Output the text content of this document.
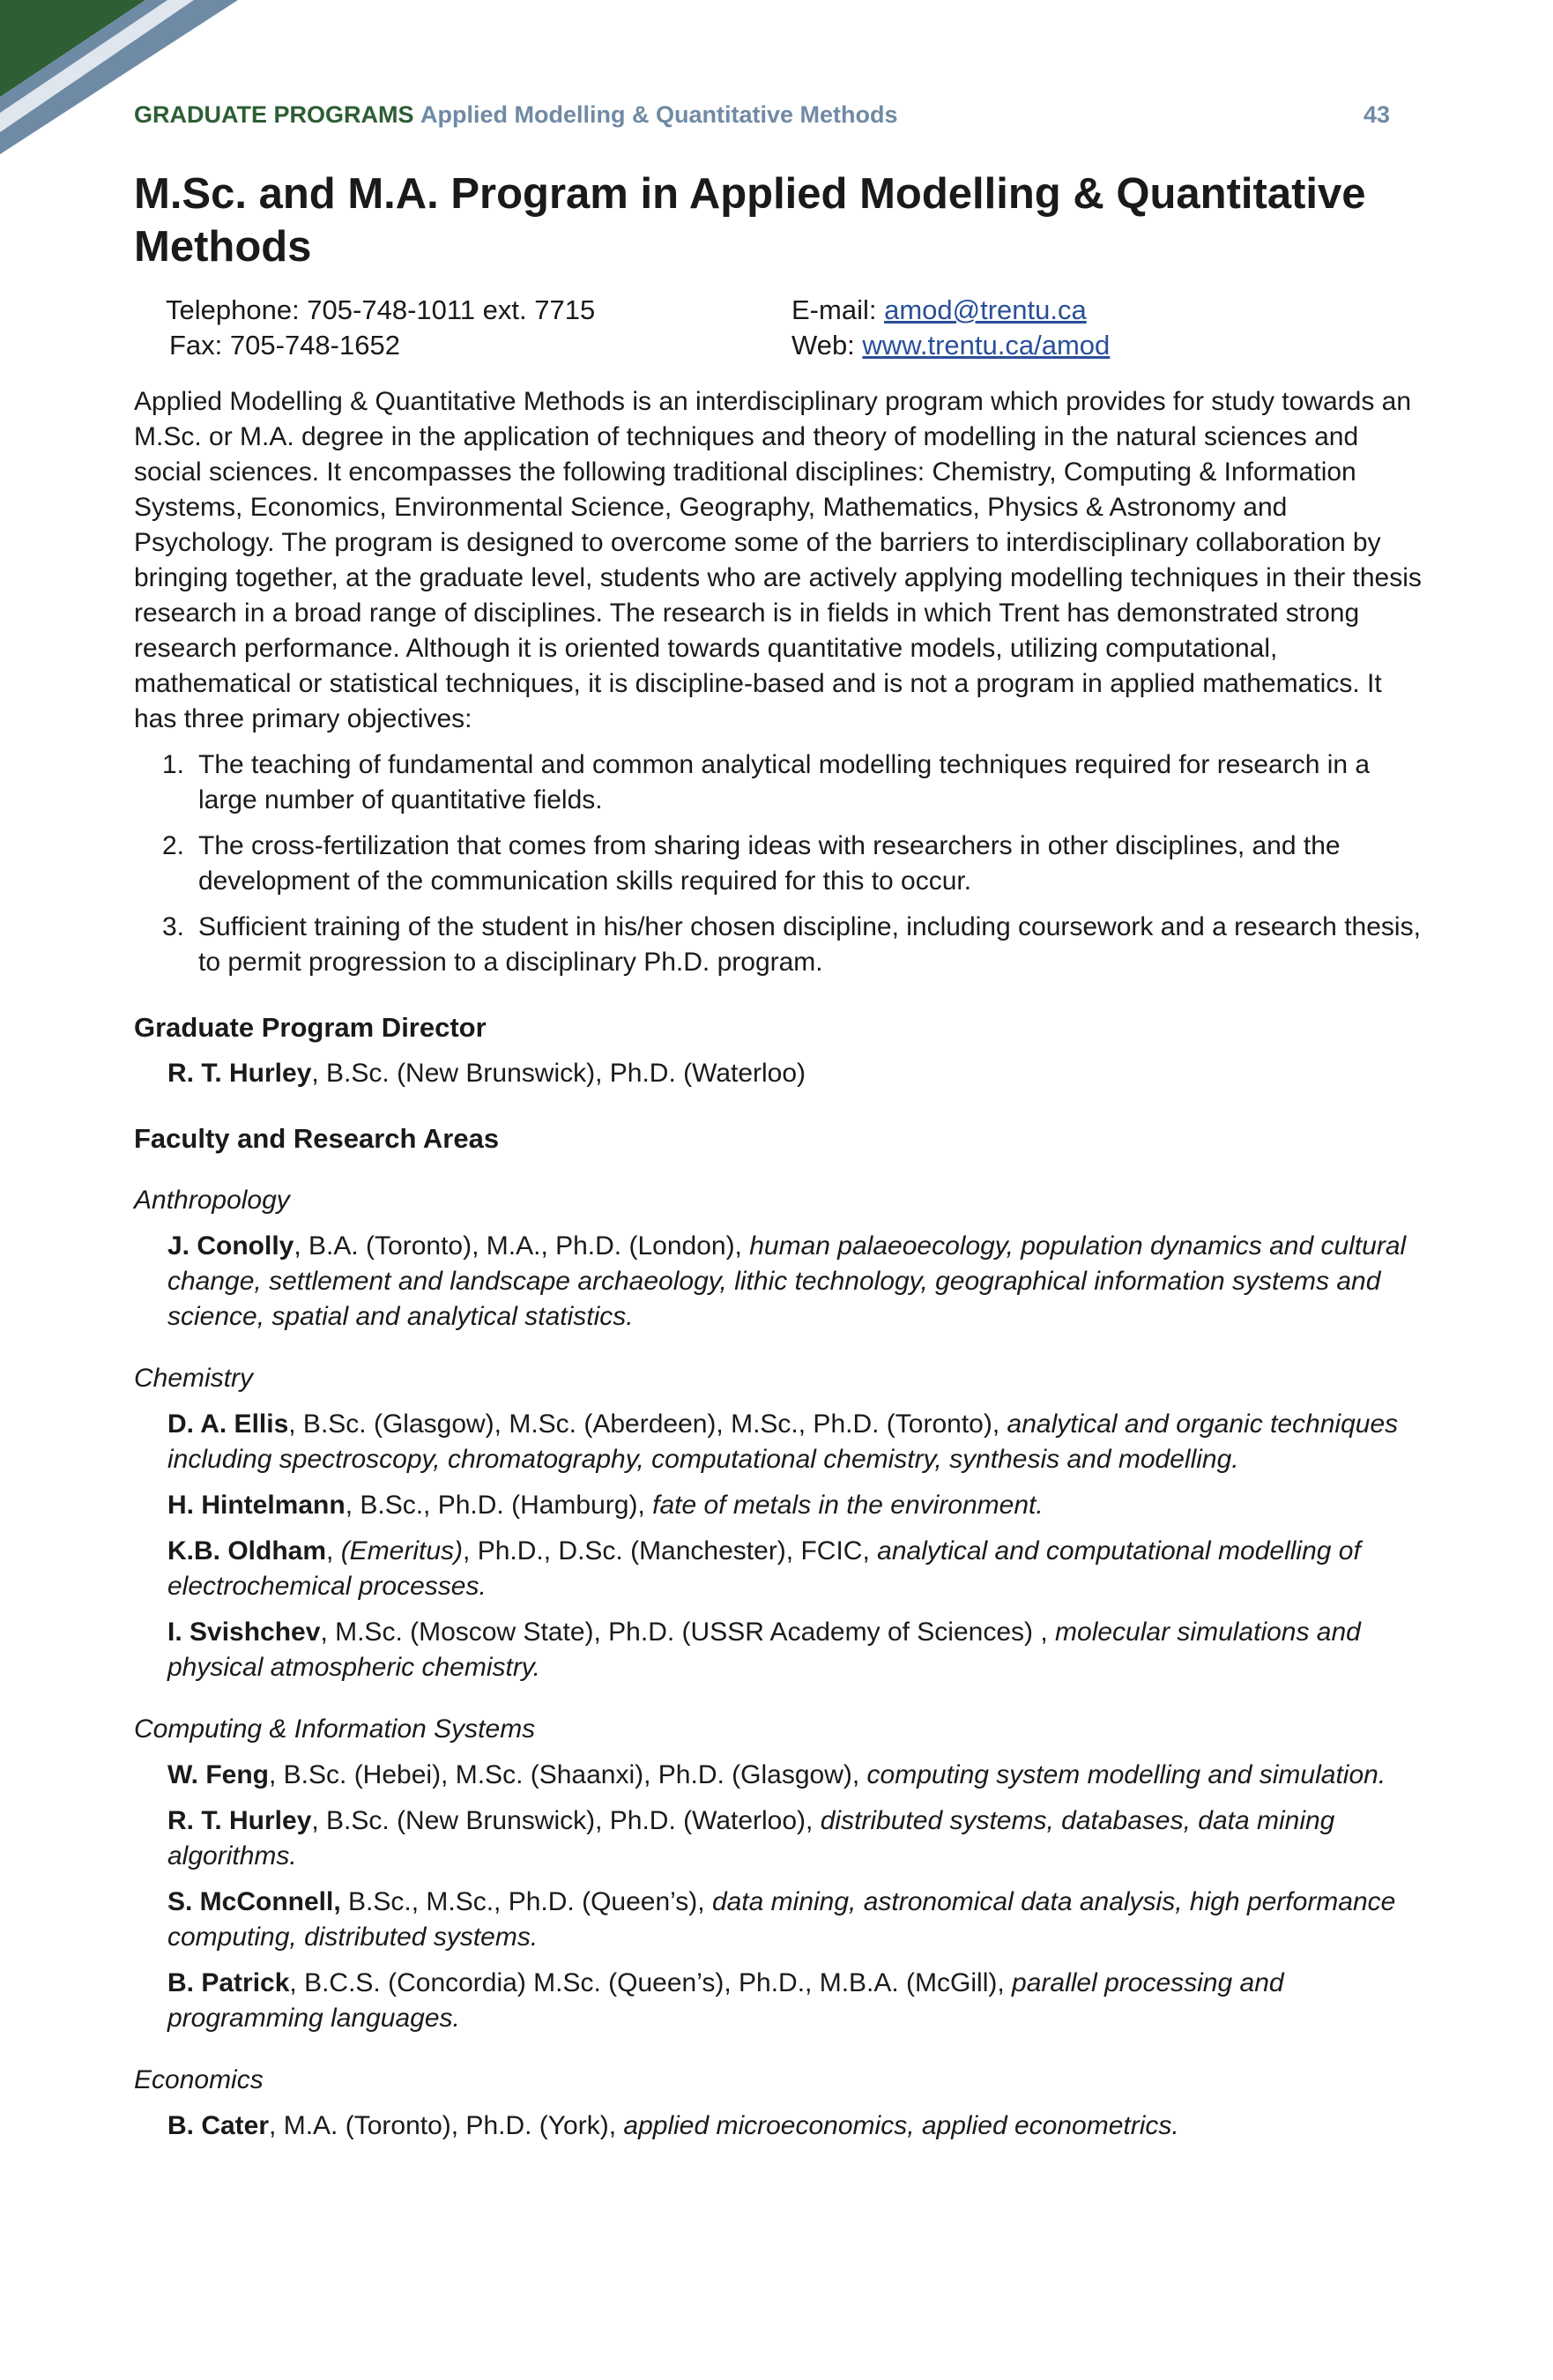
GRADUATE PROGRAMS Applied Modelling & Quantitative Methods	43
M.Sc. and M.A. Program in Applied Modelling & Quantitative Methods
Telephone: 705-748-1011 ext. 7715	E-mail: amod@trentu.ca
Fax: 705-748-1652	Web: www.trentu.ca/amod

Applied Modelling & Quantitative Methods is an interdisciplinary program which provides for study towards an M.Sc. or M.A. degree in the application of techniques and theory of modelling in the natural sciences and social sciences. It encompasses the following traditional disciplines: Chemistry, Computing & Information Systems, Economics, Environmental Science, Geography, Mathematics, Physics & Astronomy and Psychology. The program is designed to overcome some of the barriers to interdisciplinary collaboration by bringing together, at the graduate level, students who are actively applying modelling techniques in their thesis research in a broad range of disciplines. The research is in fields in which Trent has demonstrated strong research performance. Although it is oriented towards quantitative models, utilizing computational, mathematical or statistical techniques, it is discipline-based and is not a program in applied mathematics. It has three primary objectives:

1. The teaching of fundamental and common analytical modelling techniques required for research in a large number of quantitative fields.
2. The cross-fertilization that comes from sharing ideas with researchers in other disciplines, and the development of the communication skills required for this to occur.
3. Sufficient training of the student in his/her chosen discipline, including coursework and a research thesis, to permit progression to a disciplinary Ph.D. program.
Graduate Program Director
R. T. Hurley, B.Sc. (New Brunswick), Ph.D. (Waterloo)
Faculty and Research Areas
Anthropology
J. Conolly, B.A. (Toronto), M.A., Ph.D. (London), human palaeoecology, population dynamics and cultural change, settlement and landscape archaeology, lithic technology, geographical information systems and science, spatial and analytical statistics.
Chemistry
D. A. Ellis, B.Sc. (Glasgow), M.Sc. (Aberdeen), M.Sc., Ph.D. (Toronto), analytical and organic techniques including spectroscopy, chromatography, computational chemistry, synthesis and modelling.
H. Hintelmann, B.Sc., Ph.D. (Hamburg), fate of metals in the environment.
K.B. Oldham, (Emeritus), Ph.D., D.Sc. (Manchester), FCIC, analytical and computational modelling of electrochemical processes.
I. Svishchev, M.Sc. (Moscow State), Ph.D. (USSR Academy of Sciences) , molecular simulations and physical atmospheric chemistry.
Computing & Information Systems
W. Feng, B.Sc. (Hebei), M.Sc. (Shaanxi), Ph.D. (Glasgow), computing system modelling and simulation.
R. T. Hurley, B.Sc. (New Brunswick), Ph.D. (Waterloo), distributed systems, databases, data mining algorithms.
S. McConnell, B.Sc., M.Sc., Ph.D. (Queen’s), data mining, astronomical data analysis, high performance computing, distributed systems.
B. Patrick, B.C.S. (Concordia) M.Sc. (Queen’s), Ph.D., M.B.A. (McGill), parallel processing and programming languages.
Economics
B. Cater, M.A. (Toronto), Ph.D. (York), applied microeconomics, applied econometrics.
